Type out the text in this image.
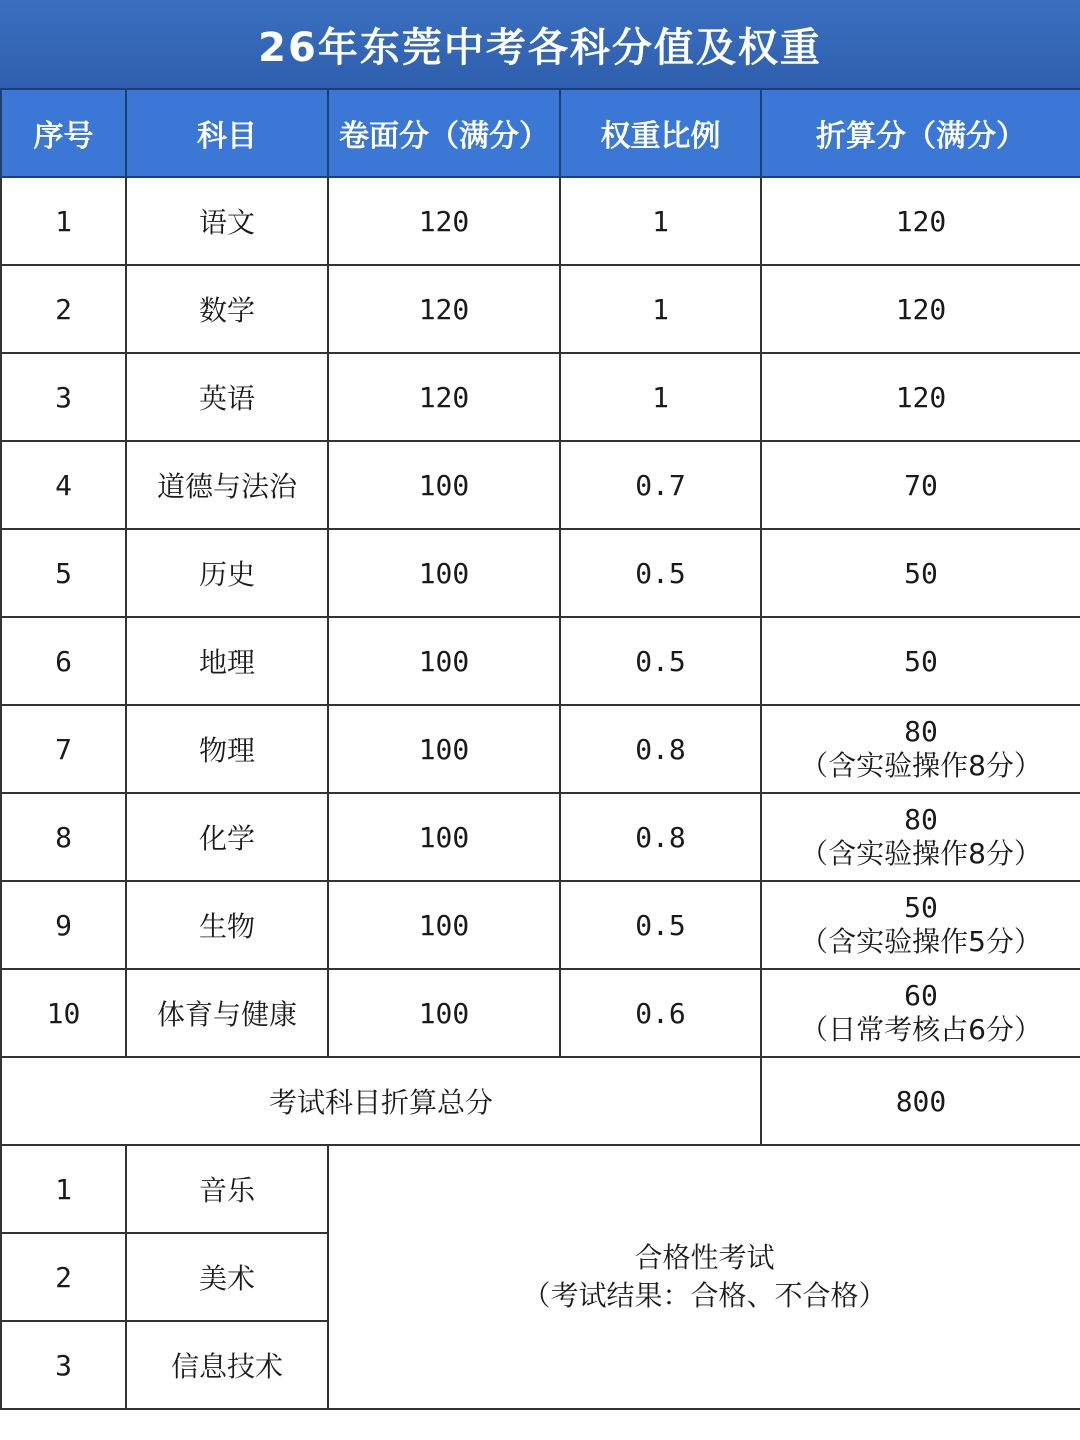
26年东莞中考各科分值及权重
序号	科目	卷面分（满分）	权重比例	折算分（满分）
1	语文	120	1	120
2	数学	120	1	120
3	英语	120	1	120
4	道德与法治	100	0.7	70
5	历史	100	0.5	50
6	地理	100	0.5	50
7	物理	100	0.8	80
（含实验操作8分）

8	化学	100	0.8	80
（含实验操作8分）

9	生物	100	0.5	50
（含实验操作5分）

10	体育与健康	100	0.6	60
（日常考核占6分）

考试科目折算总分				800
1	音乐	合格性考试
（考试结果：合格、不合格）		

2	美术			
3	信息技术			
